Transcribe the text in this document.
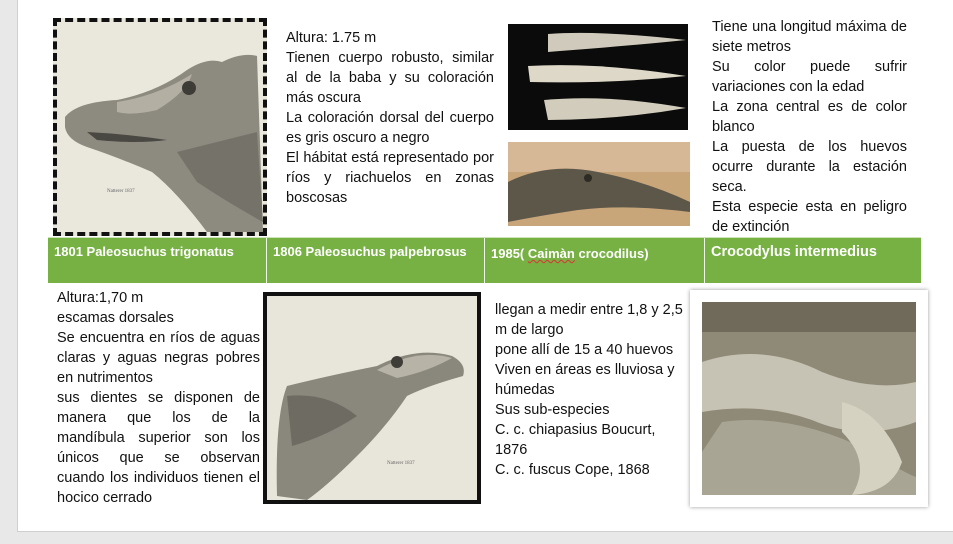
Natterer 1837
Altura: 1.75 m
Tienen cuerpo robusto, similar al de la baba y su coloración más oscura
La coloración dorsal del cuerpo es gris oscuro a negro
El hábitat está representado por ríos y riachuelos en zonas boscosas
Tiene una longitud máxima de siete metros
Su color puede sufrir variaciones con la edad
La zona central es de color blanco
La puesta de los huevos ocurre durante la estación seca.
Esta especie esta en peligro de extinción
1801 Paleosuchus trigonatus	1806 Paleosuchus palpebrosus	1985( Caimàn crocodilus)	Crocodylus intermedius
Altura:1,70 m
escamas dorsales
Se encuentra en ríos de aguas claras y aguas negras pobres en nutrimentos
sus dientes se disponen de manera que los de la mandíbula superior son los únicos que se observan cuando los individuos tienen el hocico cerrado
Natterer 1837
llegan a medir entre 1,8 y 2,5 m de largo
pone allí de 15 a 40 huevos
Viven en áreas es lluviosa y húmedas
Sus sub-especies
C. c. chiapasius Boucurt, 1876
C. c. fuscus Cope, 1868
